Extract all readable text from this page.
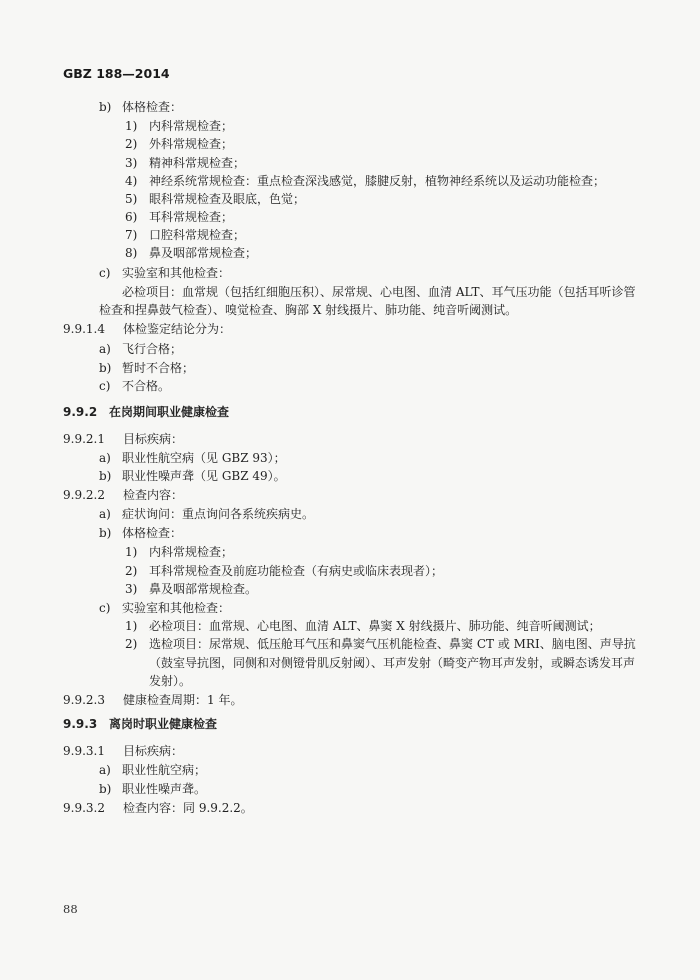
GBZ 188—2014
b) 体格检查：
1) 内科常规检查；
2) 外科常规检查；
3) 精神科常规检查；
4) 神经系统常规检查：重点检查深浅感觉，膝腱反射，植物神经系统以及运动功能检查；
5) 眼科常规检查及眼底，色觉；
6) 耳科常规检查；
7) 口腔科常规检查；
8) 鼻及咽部常规检查；
c) 实验室和其他检查：
必检项目：血常规（包括红细胞压积）、尿常规、心电图、血清 ALT、耳气压功能（包括耳听诊管
检查和捏鼻鼓气检查）、嗅觉检查、胸部 X 射线摄片、肺功能、纯音听阈测试。
9.9.1.4 体检鉴定结论分为：
a) 飞行合格；
b) 暂时不合格；
c) 不合格。
9.9.2 在岗期间职业健康检查
9.9.2.1 目标疾病：
a) 职业性航空病（见 GBZ 93）；
b) 职业性噪声聋（见 GBZ 49）。
9.9.2.2 检查内容：
a) 症状询问：重点询问各系统疾病史。
b) 体格检查：
1) 内科常规检查；
2) 耳科常规检查及前庭功能检查（有病史或临床表现者）；
3) 鼻及咽部常规检查。
c) 实验室和其他检查：
1) 必检项目：血常规、心电图、血清 ALT、鼻窦 X 射线摄片、肺功能、纯音听阈测试；
2) 选检项目：尿常规、低压舱耳气压和鼻窦气压机能检查、鼻窦 CT 或 MRI、脑电图、声导抗
（鼓室导抗图，同侧和对侧镫骨肌反射阈）、耳声发射（畸变产物耳声发射，或瞬态诱发耳声
发射）。
9.9.2.3 健康检查周期：1 年。
9.9.3 离岗时职业健康检查
9.9.3.1 目标疾病：
a) 职业性航空病；
b) 职业性噪声聋。
9.9.3.2 检查内容：同 9.9.2.2。
88
